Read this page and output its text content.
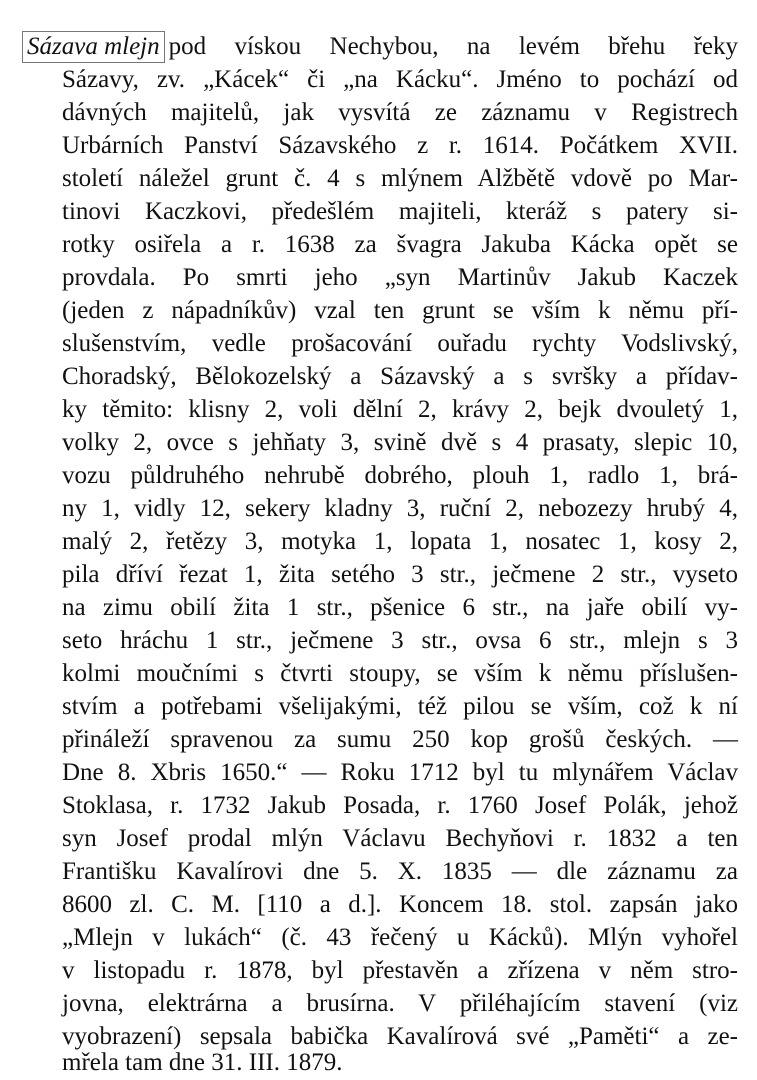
Sázava mlejn pod vískou Nechybou, na levém břehu řeky
Sázavy, zv. „Kácek“ či „na Kácku“. Jméno to pochází od
dávných majitelů, jak vysvítá ze záznamu v Registrech
Urbárních Panství Sázavského z r. 1614. Počátkem XVII.
století náležel grunt č. 4 s mlýnem Alžbětě vdově po Mar-
tinovi Kaczkovi, předešlém majiteli, kteráž s patery si-
rotky osiřela a r. 1638 za švagra Jakuba Kácka opět se
provdala. Po smrti jeho „syn Martinův Jakub Kaczek
(jeden z nápadníkův) vzal ten grunt se vším k němu pří-
slušenstvím, vedle prošacování ouřadu rychty Vodslivský,
Choradský, Bělokozelský a Sázavský a s svršky a přídav-
ky těmito: klisny 2, voli dělní 2, krávy 2, bejk dvouletý 1,
volky 2, ovce s jehňaty 3, svině dvě s 4 prasaty, slepic 10,
vozu půldruhého nehrubě dobrého, plouh 1, radlo 1, brá-
ny 1, vidly 12, sekery kladny 3, ruční 2, nebozezy hrubý 4,
malý 2, řetězy 3, motyka 1, lopata 1, nosatec 1, kosy 2,
pila dříví řezat 1, žita setého 3 str., ječmene 2 str., vyseto
na zimu obilí žita 1 str., pšenice 6 str., na jaře obilí vy-
seto hráchu 1 str., ječmene 3 str., ovsa 6 str., mlejn s 3
kolmi moučními s čtvrti stoupy, se vším k němu příslušen-
stvím a potřebami všelijakými, též pilou se vším, což k ní
přináleží spravenou za sumu 250 kop grošů českých. —
Dne 8. Xbris 1650.“ — Roku 1712 byl tu mlynářem Václav
Stoklasa, r. 1732 Jakub Posada, r. 1760 Josef Polák, jehož
syn Josef prodal mlýn Václavu Bechyňovi r. 1832 a ten
Františku Kavalírovi dne 5. X. 1835 — dle záznamu za
8600 zl. C. M. [110 a d.]. Koncem 18. stol. zapsán jako
„Mlejn v lukách“ (č. 43 řečený u Kácků). Mlýn vyhořel
v listopadu r. 1878, byl přestavěn a zřízena v něm stro-
jovna, elektrárna a brusírna. V přiléhajícím stavení (viz
vyobrazení) sepsala babička Kavalírová své „Paměti“ a ze-
mřela tam dne 31. III. 1879.
